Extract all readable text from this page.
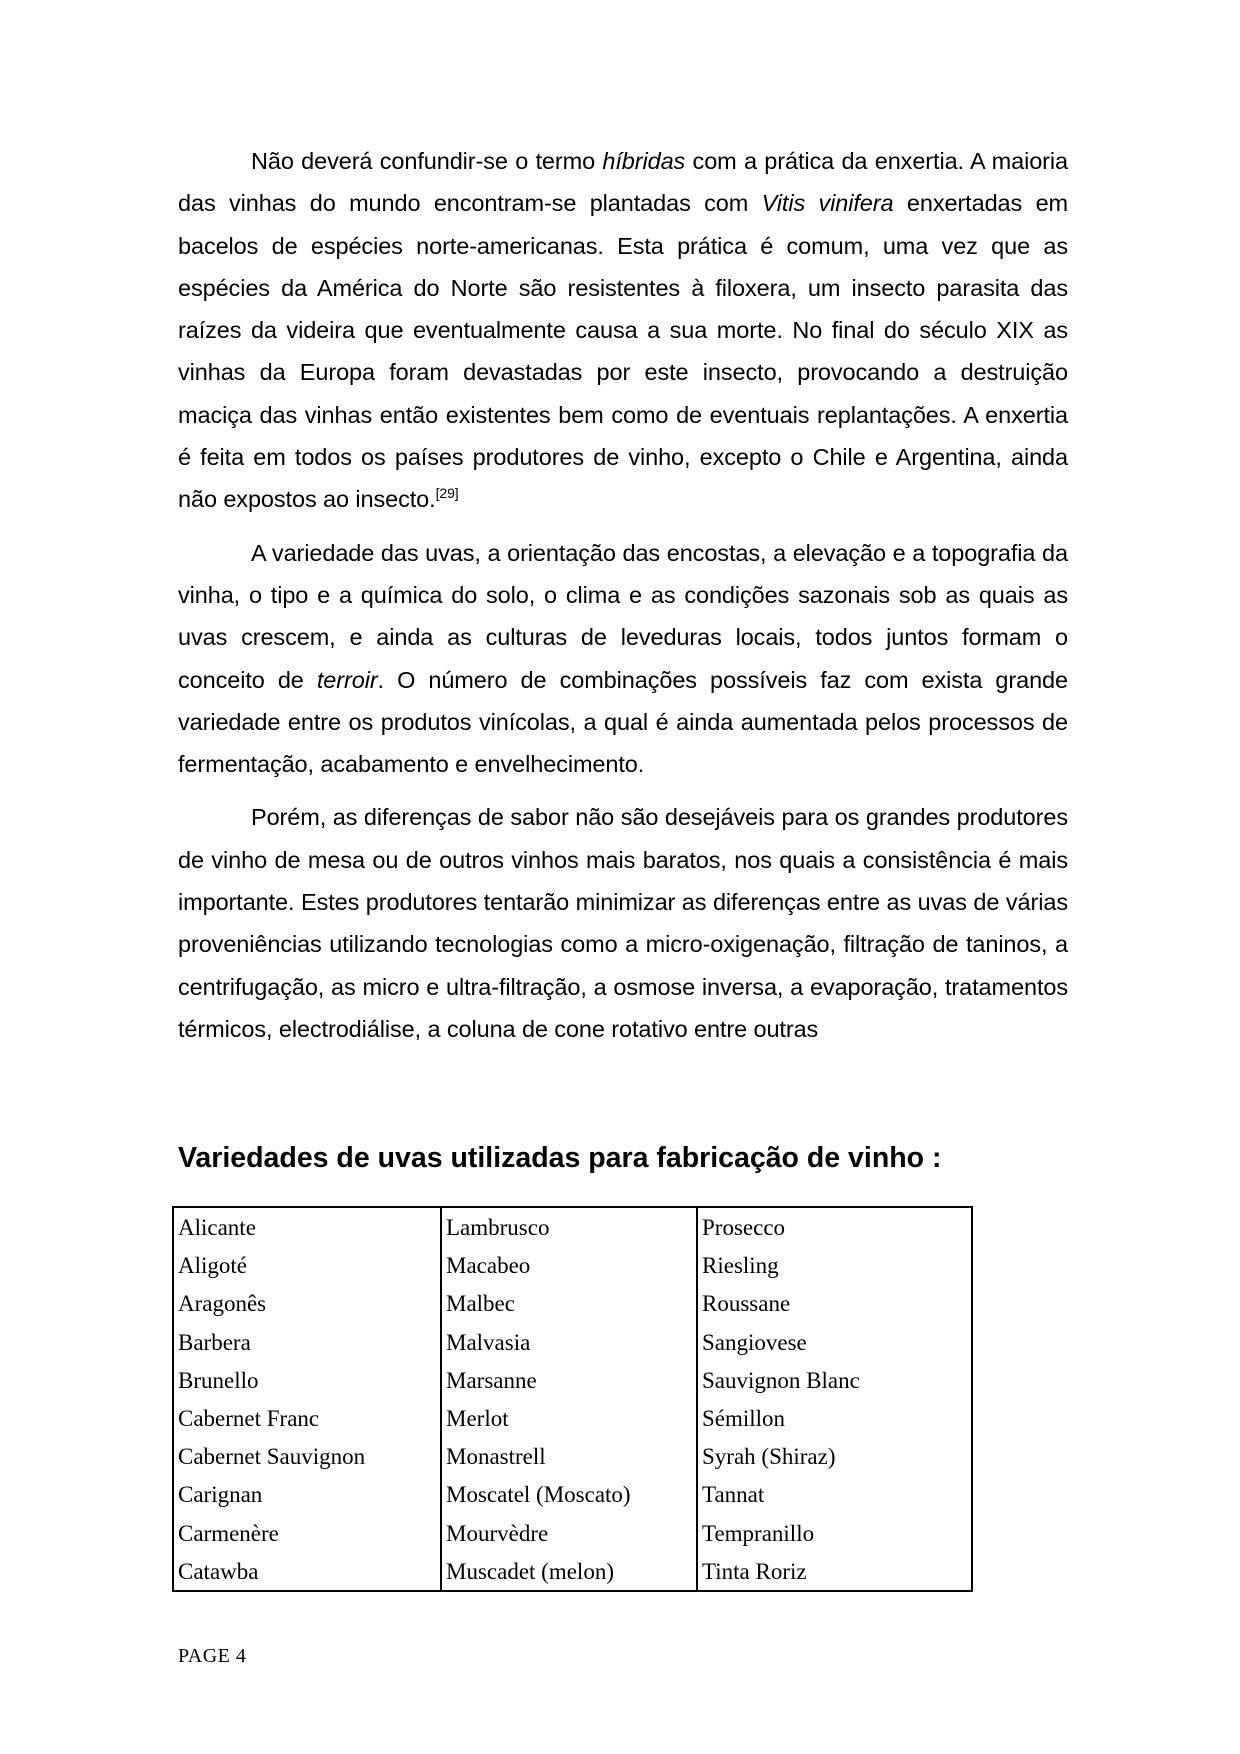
Não deverá confundir-se o termo híbridas com a prática da enxertia. A maioria das vinhas do mundo encontram-se plantadas com Vitis vinifera enxertadas em bacelos de espécies norte-americanas. Esta prática é comum, uma vez que as espécies da América do Norte são resistentes à filoxera, um insecto parasita das raízes da videira que eventualmente causa a sua morte. No final do século XIX as vinhas da Europa foram devastadas por este insecto, provocando a destruição maciça das vinhas então existentes bem como de eventuais replantações. A enxertia é feita em todos os países produtores de vinho, excepto o Chile e Argentina, ainda não expostos ao insecto.[29]

A variedade das uvas, a orientação das encostas, a elevação e a topografia da vinha, o tipo e a química do solo, o clima e as condições sazonais sob as quais as uvas crescem, e ainda as culturas de leveduras locais, todos juntos formam o conceito de terroir. O número de combinações possíveis faz com exista grande variedade entre os produtos vinícolas, a qual é ainda aumentada pelos processos de fermentação, acabamento e envelhecimento.

Porém, as diferenças de sabor não são desejáveis para os grandes produtores de vinho de mesa ou de outros vinhos mais baratos, nos quais a consistência é mais importante. Estes produtores tentarão minimizar as diferenças entre as uvas de várias proveniências utilizando tecnologias como a micro-oxigenação, filtração de taninos, a centrifugação, as micro e ultra-filtração, a osmose inversa, a evaporação, tratamentos térmicos, electrodiálise, a coluna de cone rotativo entre outras

Variedades de uvas utilizadas para fabricação de vinho :
Alicante
Aligoté
Aragonês
Barbera
Brunello
Cabernet Franc
Cabernet Sauvignon
Carignan
Carmenère
Catawba
Lambrusco
Macabeo
Malbec
Malvasia
Marsanne
Merlot
Monastrell
Moscatel (Moscato)
Mourvèdre
Muscadet (melon)
Prosecco
Riesling
Roussane
Sangiovese
Sauvignon Blanc
Sémillon
Syrah (Shiraz)
Tannat
Tempranillo
Tinta Roriz
PAGE 4
